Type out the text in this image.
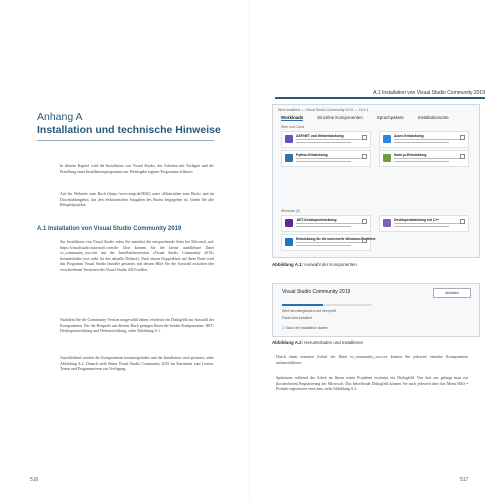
Anhang A
Installation und technische Hinweise
In diesem Kapitel wird die Installation von Visual Studio, das Arbeiten mit Vorlagen und die Erstellung eines Installationsprogramms zur Weitergabe eigener Programme erläutert.
Auf der Webseite zum Buch (https://www.mitp.de/0026) unter »Materialien zum Buch« und im Downloadangebot, das den elektronischen Ausgaben des Buchs beigegeben ist, finden Sie alle Beispielprojekte.
A.1 Installation von Visual Studio Community 2019
Zur Installation von Visual Studio rufen Sie zunächst die entsprechende Seite bei Microsoft auf: https://visualstudio.microsoft.com/de. Dort können Sie die kleine ausführbare Datei vs_community_xxx.exe mit der Installationsversion »Visual Studio Community 2019« herunterladen (xxx steht für das aktuelle Release). Nach einem Doppelklick auf diese Datei wird das Programm Visual Studio Installer gestartet, mit dessen Hilfe Sie die Auswahl zwischen den verschiedenen Versionen des Visual Studio 2019 treffen.
Nachdem Sie die Community-Version ausgewählt haben, erscheint ein Dialogfeld zur Auswahl der Komponenten. Für die Beispiele aus diesem Buch genügen Ihnen die beiden Komponenten .NET-Desktopentwicklung und Webentwicklung, siehe Abbildung A.1.
Anschließend werden die Komponenten heruntergeladen und die Installation wird gestartet, siehe Abbildung A.2. Danach steht Ihnen Visual Studio Community 2019 im Startmenü zum Lernen, Testen und Programmieren zur Verfügung.
516
A.1 Installation von Visual Studio Community 2019
Wird installiert — Visual Studio Community 2019 — 16.4.4
Workloads	Einzelne Komponenten	Sprachpakete	Installationsorte
Web und Cloud
ASP.NET und Webentwicklung	Azure-Entwicklung
Python-Entwicklung	Node.js-Entwicklung
Windows (3)
.NET-Desktopentwicklung	Desktopentwicklung mit C++
Entwicklung für die universelle Windows-Plattform
Abbildung A.1: Auswahl der Komponenten
Visual Studio Community 2019	Anhalten
Wird heruntergeladen und überprüft
Paket wird installiert
☐ Nach der Installation starten
Abbildung A.2: Herunterladen und Installieren
Durch einen erneuten Aufruf der Datei vs_community_xxx.exe können Sie jederzeit einzelne Komponenten nachinstallieren.
Spätestens während der Arbeit an Ihrem ersten Projekten erscheint ein Dialogfeld. Von dort aus gelangt man zur (kostenfreien) Registrierung bei Microsoft. Das betreffende Dialogfeld können Sie auch jederzeit über das Menü Hilfe • Produkt registrieren erreichen, siehe Abbildung A.3.
517
